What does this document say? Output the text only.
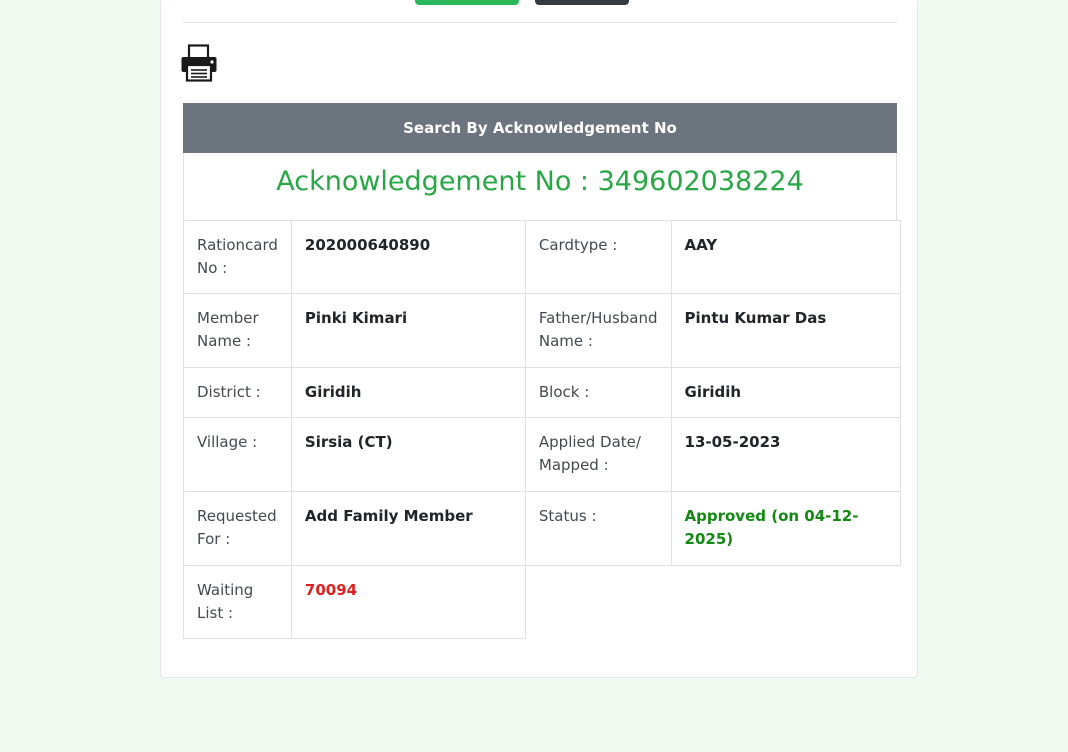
Search By Acknowledgement No
Acknowledgement No : 349602038224
Rationcard No :	202000640890	Cardtype :	AAY
Member Name :	Pinki Kimari	Father/Husband Name :	Pintu Kumar Das
District :	Giridih	Block :	Giridih
Village :	Sirsia (CT)	Applied Date/ Mapped :	13-05-2023
Requested For :	Add Family Member	Status :	Approved (on 04-12-2025)
Waiting List :	70094		
